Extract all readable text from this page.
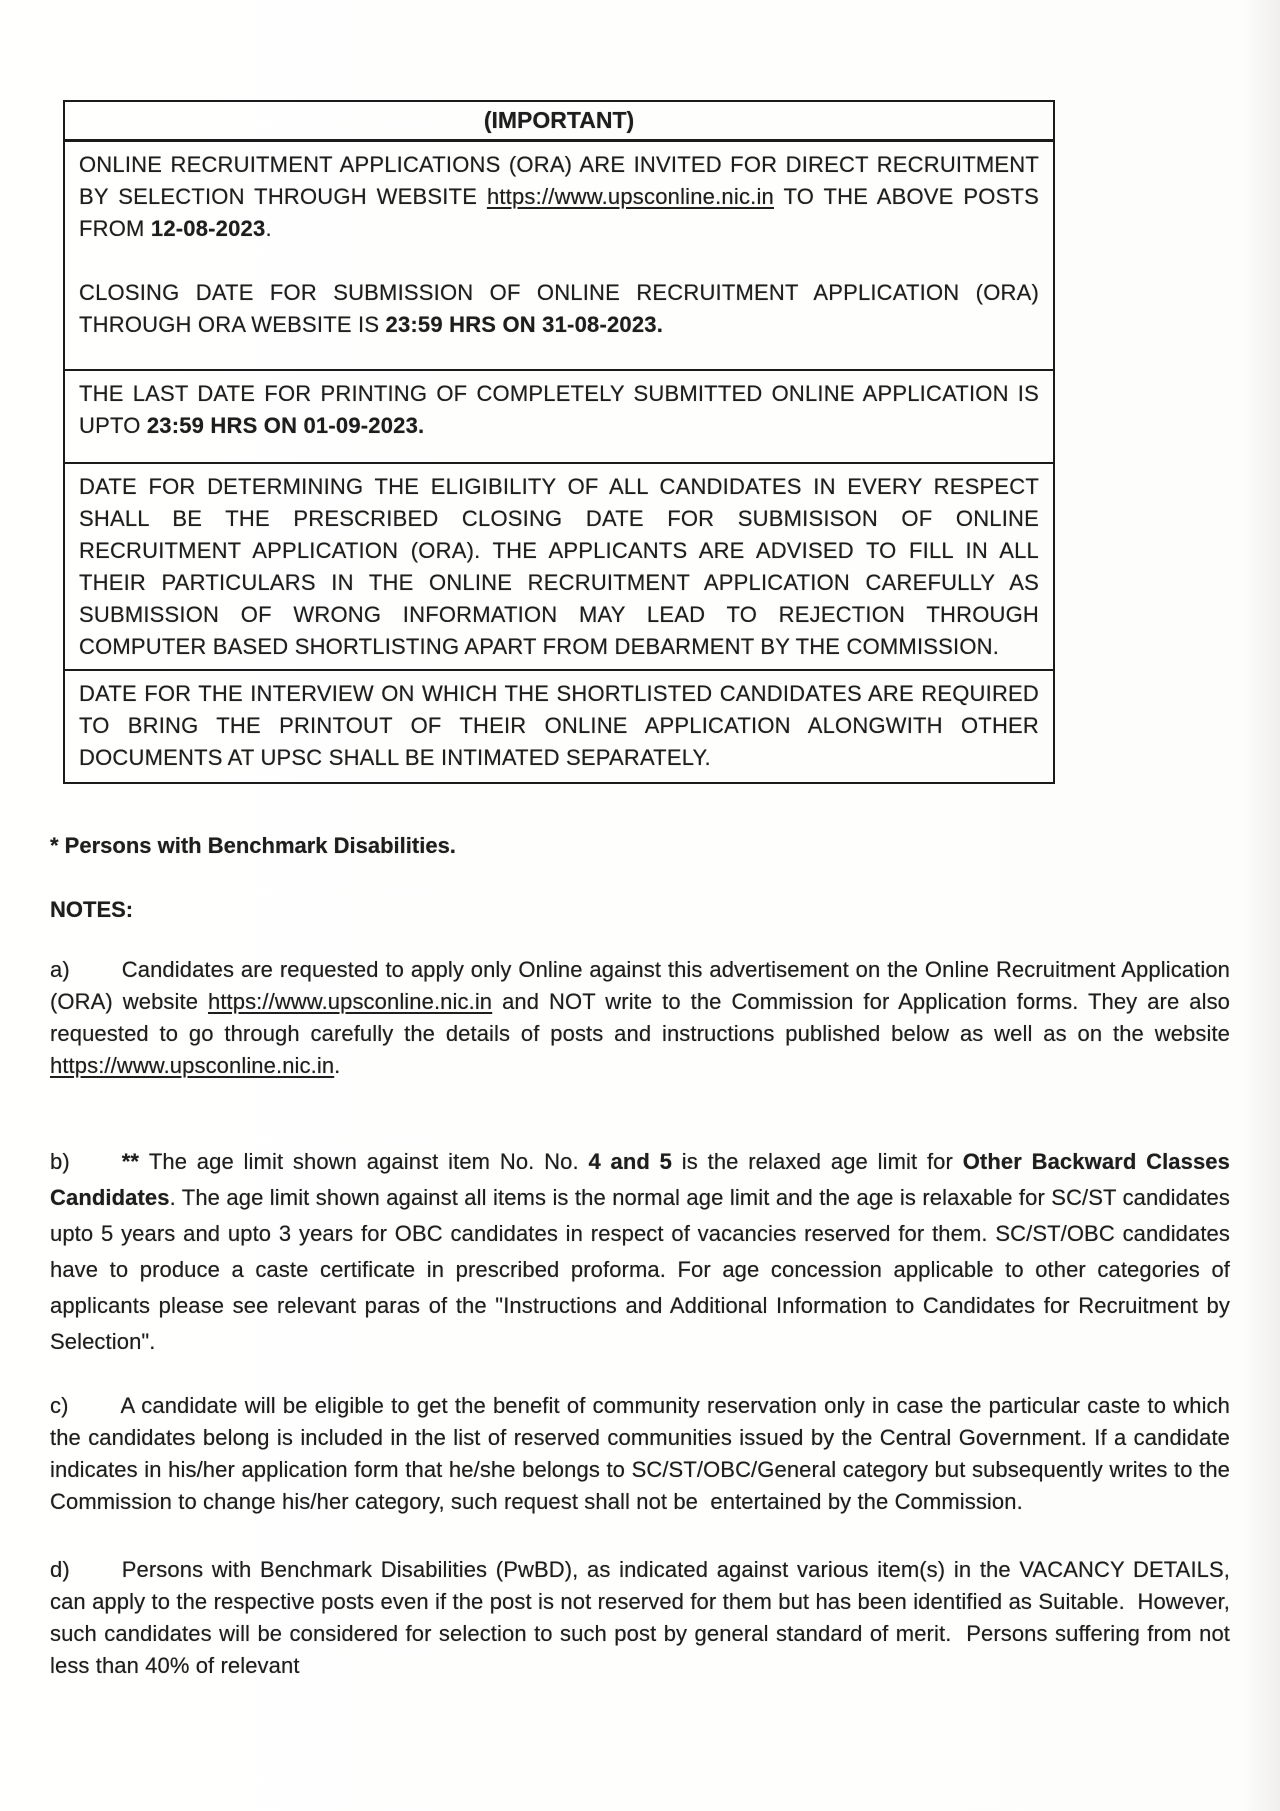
(IMPORTANT)

ONLINE RECRUITMENT APPLICATIONS (ORA) ARE INVITED FOR DIRECT RECRUITMENT BY SELECTION THROUGH WEBSITE https://www.upsconline.nic.in TO THE ABOVE POSTS FROM 12-08-2023.

CLOSING DATE FOR SUBMISSION OF ONLINE RECRUITMENT APPLICATION (ORA) THROUGH ORA WEBSITE IS 23:59 HRS ON 31-08-2023.

THE LAST DATE FOR PRINTING OF COMPLETELY SUBMITTED ONLINE APPLICATION IS UPTO 23:59 HRS ON 01-09-2023.

DATE FOR DETERMINING THE ELIGIBILITY OF ALL CANDIDATES IN EVERY RESPECT SHALL BE THE PRESCRIBED CLOSING DATE FOR SUBMISISON OF ONLINE RECRUITMENT APPLICATION (ORA). THE APPLICANTS ARE ADVISED TO FILL IN ALL THEIR PARTICULARS IN THE ONLINE RECRUITMENT APPLICATION CAREFULLY AS SUBMISSION OF WRONG INFORMATION MAY LEAD TO REJECTION THROUGH COMPUTER BASED SHORTLISTING APART FROM DEBARMENT BY THE COMMISSION.

DATE FOR THE INTERVIEW ON WHICH THE SHORTLISTED CANDIDATES ARE REQUIRED TO BRING THE PRINTOUT OF THEIR ONLINE APPLICATION ALONGWITH OTHER DOCUMENTS AT UPSC SHALL BE INTIMATED SEPARATELY.

* Persons with Benchmark Disabilities.

NOTES:

a) Candidates are requested to apply only Online against this advertisement on the Online Recruitment Application (ORA) website https://www.upsconline.nic.in and NOT write to the Commission for Application forms. They are also requested to go through carefully the details of posts and instructions published below as well as on the website https://www.upsconline.nic.in.

b) ** The age limit shown against item No. No. 4 and 5 is the relaxed age limit for Other Backward Classes Candidates. The age limit shown against all items is the normal age limit and the age is relaxable for SC/ST candidates upto 5 years and upto 3 years for OBC candidates in respect of vacancies reserved for them. SC/ST/OBC candidates have to produce a caste certificate in prescribed proforma. For age concession applicable to other categories of applicants please see relevant paras of the "Instructions and Additional Information to Candidates for Recruitment by Selection".

c) A candidate will be eligible to get the benefit of community reservation only in case the particular caste to which the candidates belong is included in the list of reserved communities issued by the Central Government. If a candidate indicates in his/her application form that he/she belongs to SC/ST/OBC/General category but subsequently writes to the Commission to change his/her category, such request shall not be  entertained by the Commission.

d) Persons with Benchmark Disabilities (PwBD), as indicated against various item(s) in the VACANCY DETAILS, can apply to the respective posts even if the post is not reserved for them but has been identified as Suitable.  However, such candidates will be considered for selection to such post by general standard of merit.  Persons suffering from not less than 40% of relevant
